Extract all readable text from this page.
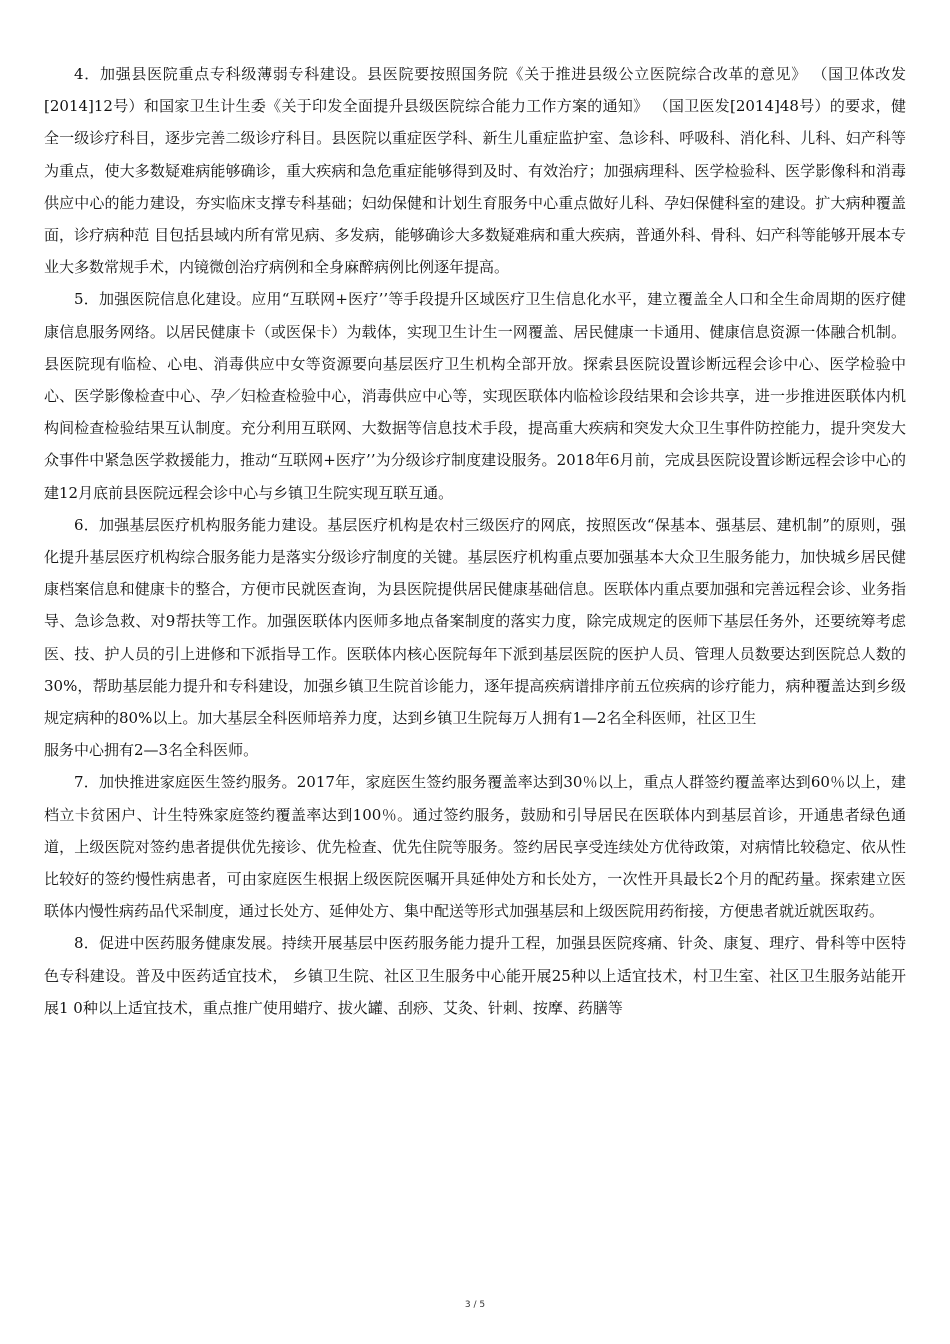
4．加强县医院重点专科级薄弱专科建设。县医院要按照国务院《关于推进县级公立医院综合改革的意见》 （国卫体改发[2014]12号）和国家卫生计生委《关于印发全面提升县级医院综合能力工作方案的通知》 （国卫医发[2014]48号）的要求，健全一级诊疗科目，逐步完善二级诊疗科目。县医院以重症医学科、新生儿重症监护室、急诊科、呼吸科、消化科、儿科、妇产科等为重点，使大多数疑难病能够确诊，重大疾病和急危重症能够得到及时、有效治疗；加强病理科、医学检验科、医学影像科和消毒供应中心的能力建设，夯实临床支撑专科基础；妇幼保健和计划生育服务中心重点做好儿科、孕妇保健科室的建设。扩大病种覆盖面，诊疗病种范 目包括县域内所有常见病、多发病，能够确诊大多数疑难病和重大疾病，普通外科、骨科、妇产科等能够开展本专业大多数常规手术，内镜微创治疗病例和全身麻醉病例比例逐年提高。

5．加强医院信息化建设。应用“互联网+医疗’’等手段提升区域医疗卫生信息化水平，建立覆盖全人口和全生命周期的医疗健康信息服务网络。以居民健康卡（或医保卡）为载体，实现卫生计生一网覆盖、居民健康一卡通用、健康信息资源一体融合机制。县医院现有临检、心电、消毒供应中女等资源要向基层医疗卫生机构全部开放。探索县医院设置诊断远程会诊中心、医学检验中心、医学影像检查中心、孕／妇检查检验中心，消毒供应中心等，实现医联体内临检诊段结果和会诊共享，进一步推进医联体内机构间检查检验结果互认制度。充分利用互联网、大数据等信息技术手段，提高重大疾病和突发大众卫生事件防控能力，提升突发大众事件中紧急医学救援能力，推动“互联网+医疗’’为分级诊疗制度建设服务。2018年6月前，完成县医院设置诊断远程会诊中心的建12月底前县医院远程会诊中心与乡镇卫生院实现互联互通。

6．加强基层医疗机构服务能力建设。基层医疗机构是农村三级医疗的网底，按照医改“保基本、强基层、建机制”的原则，强化提升基层医疗机构综合服务能力是落实分级诊疗制度的关键。基层医疗机构重点要加强基本大众卫生服务能力，加快城乡居民健康档案信息和健康卡的整合，方便市民就医查询，为县医院提供居民健康基础信息。医联体内重点要加强和完善远程会诊、业务指导、急诊急救、对9帮扶等工作。加强医联体内医师多地点备案制度的落实力度，除完成规定的医师下基层任务外，还要统筹考虑医、技、护人员的引上进修和下派指导工作。医联体内核心医院每年下派到基层医院的医护人员、管理人员数要达到医院总人数的30%，帮助基层能力提升和专科建设，加强乡镇卫生院首诊能力，逐年提高疾病谱排序前五位疾病的诊疗能力，病种覆盖达到乡级规定病种的80%以上。加大基层全科医师培养力度，达到乡镇卫生院每万人拥有1—2名全科医师，社区卫生

服务中心拥有2—3名全科医师。

7．加快推进家庭医生签约服务。2017年，家庭医生签约服务覆盖率达到30％以上，重点人群签约覆盖率达到60％以上，建档立卡贫困户、计生特殊家庭签约覆盖率达到100％。通过签约服务，鼓励和引导居民在医联体内到基层首诊，开通患者绿色通道，上级医院对签约患者提供优先接诊、优先检查、优先住院等服务。签约居民享受连续处方优待政策，对病情比较稳定、依从性比较好的签约慢性病患者，可由家庭医生根据上级医院医嘱开具延伸处方和长处方，一次性开具最长2个月的配药量。探索建立医联体内慢性病药品代采制度，通过长处方、延伸处方、集中配送等形式加强基层和上级医院用药衔接，方便患者就近就医取药。

8．促进中医药服务健康发展。持续开展基层中医药服务能力提升工程，加强县医院疼痛、针灸、康复、理疗、骨科等中医特色专科建设。普及中医药适宜技术， 乡镇卫生院、社区卫生服务中心能开展25种以上适宜技术，村卫生室、社区卫生服务站能开展1 0种以上适宜技术，重点推广使用蜡疗、拔火罐、刮痧、艾灸、针刺、按摩、药膳等

3 / 5
